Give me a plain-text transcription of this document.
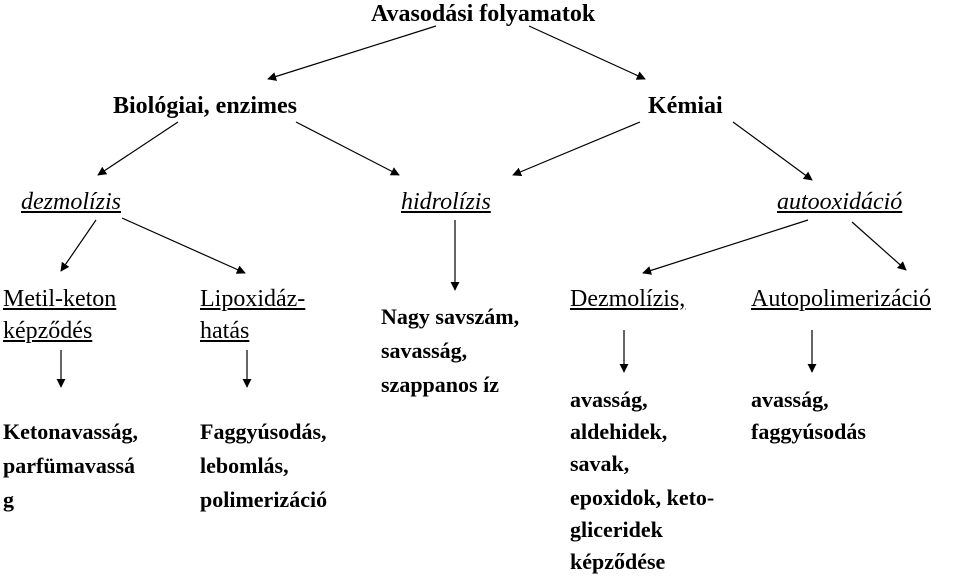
Avasodási folyamatok
Biológiai, enzimes	Kémiai
dezmolízis	hidrolízis	autooxidáció
Metil-keton
képződés
Lipoxidáz-
hatás
Nagy savszám,
savasság,
szappanos íz
Dezmolízis,	Autopolimerizáció
Ketonavasság,
parfümavassá
g
Faggyúsodás,
lebomlás,
polimerizáció
avasság,
aldehidek,
savak,
epoxidok, keto-
gliceridek
képződése
avasság,
faggyúsodás
